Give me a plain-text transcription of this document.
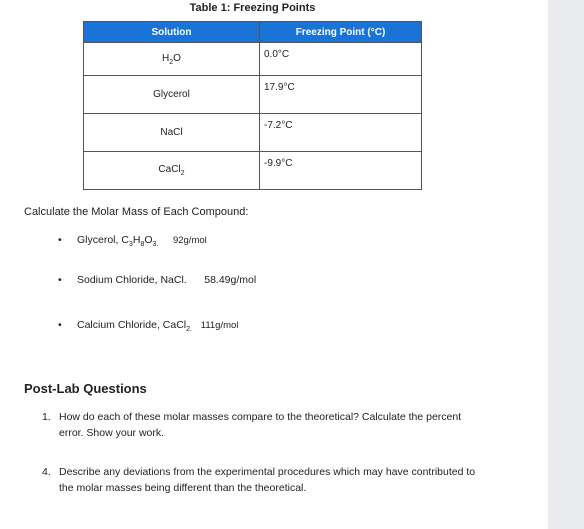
Table 1: Freezing Points
Solution	Freezing Point (°C)
$H_2O$	0.0°C
Glycerol	17.9°C
NaCl	-7.2°C
CaCl$_2$	-9.9°C
Calculate the Molar Mass of Each Compound:
• Glycerol, $C_3H_8O_{3.}$ 92g/mol
• Sodium Chloride, NaCl. 58.49g/mol
• Calcium Chloride, CaCl$_{2.}$ 111g/mol
Post-Lab Questions
1. How do each of these molar masses compare to the theoretical? Calculate the percent error. Show your work.
4. Describe any deviations from the experimental procedures which may have contributed to the molar masses being different than the theoretical.
